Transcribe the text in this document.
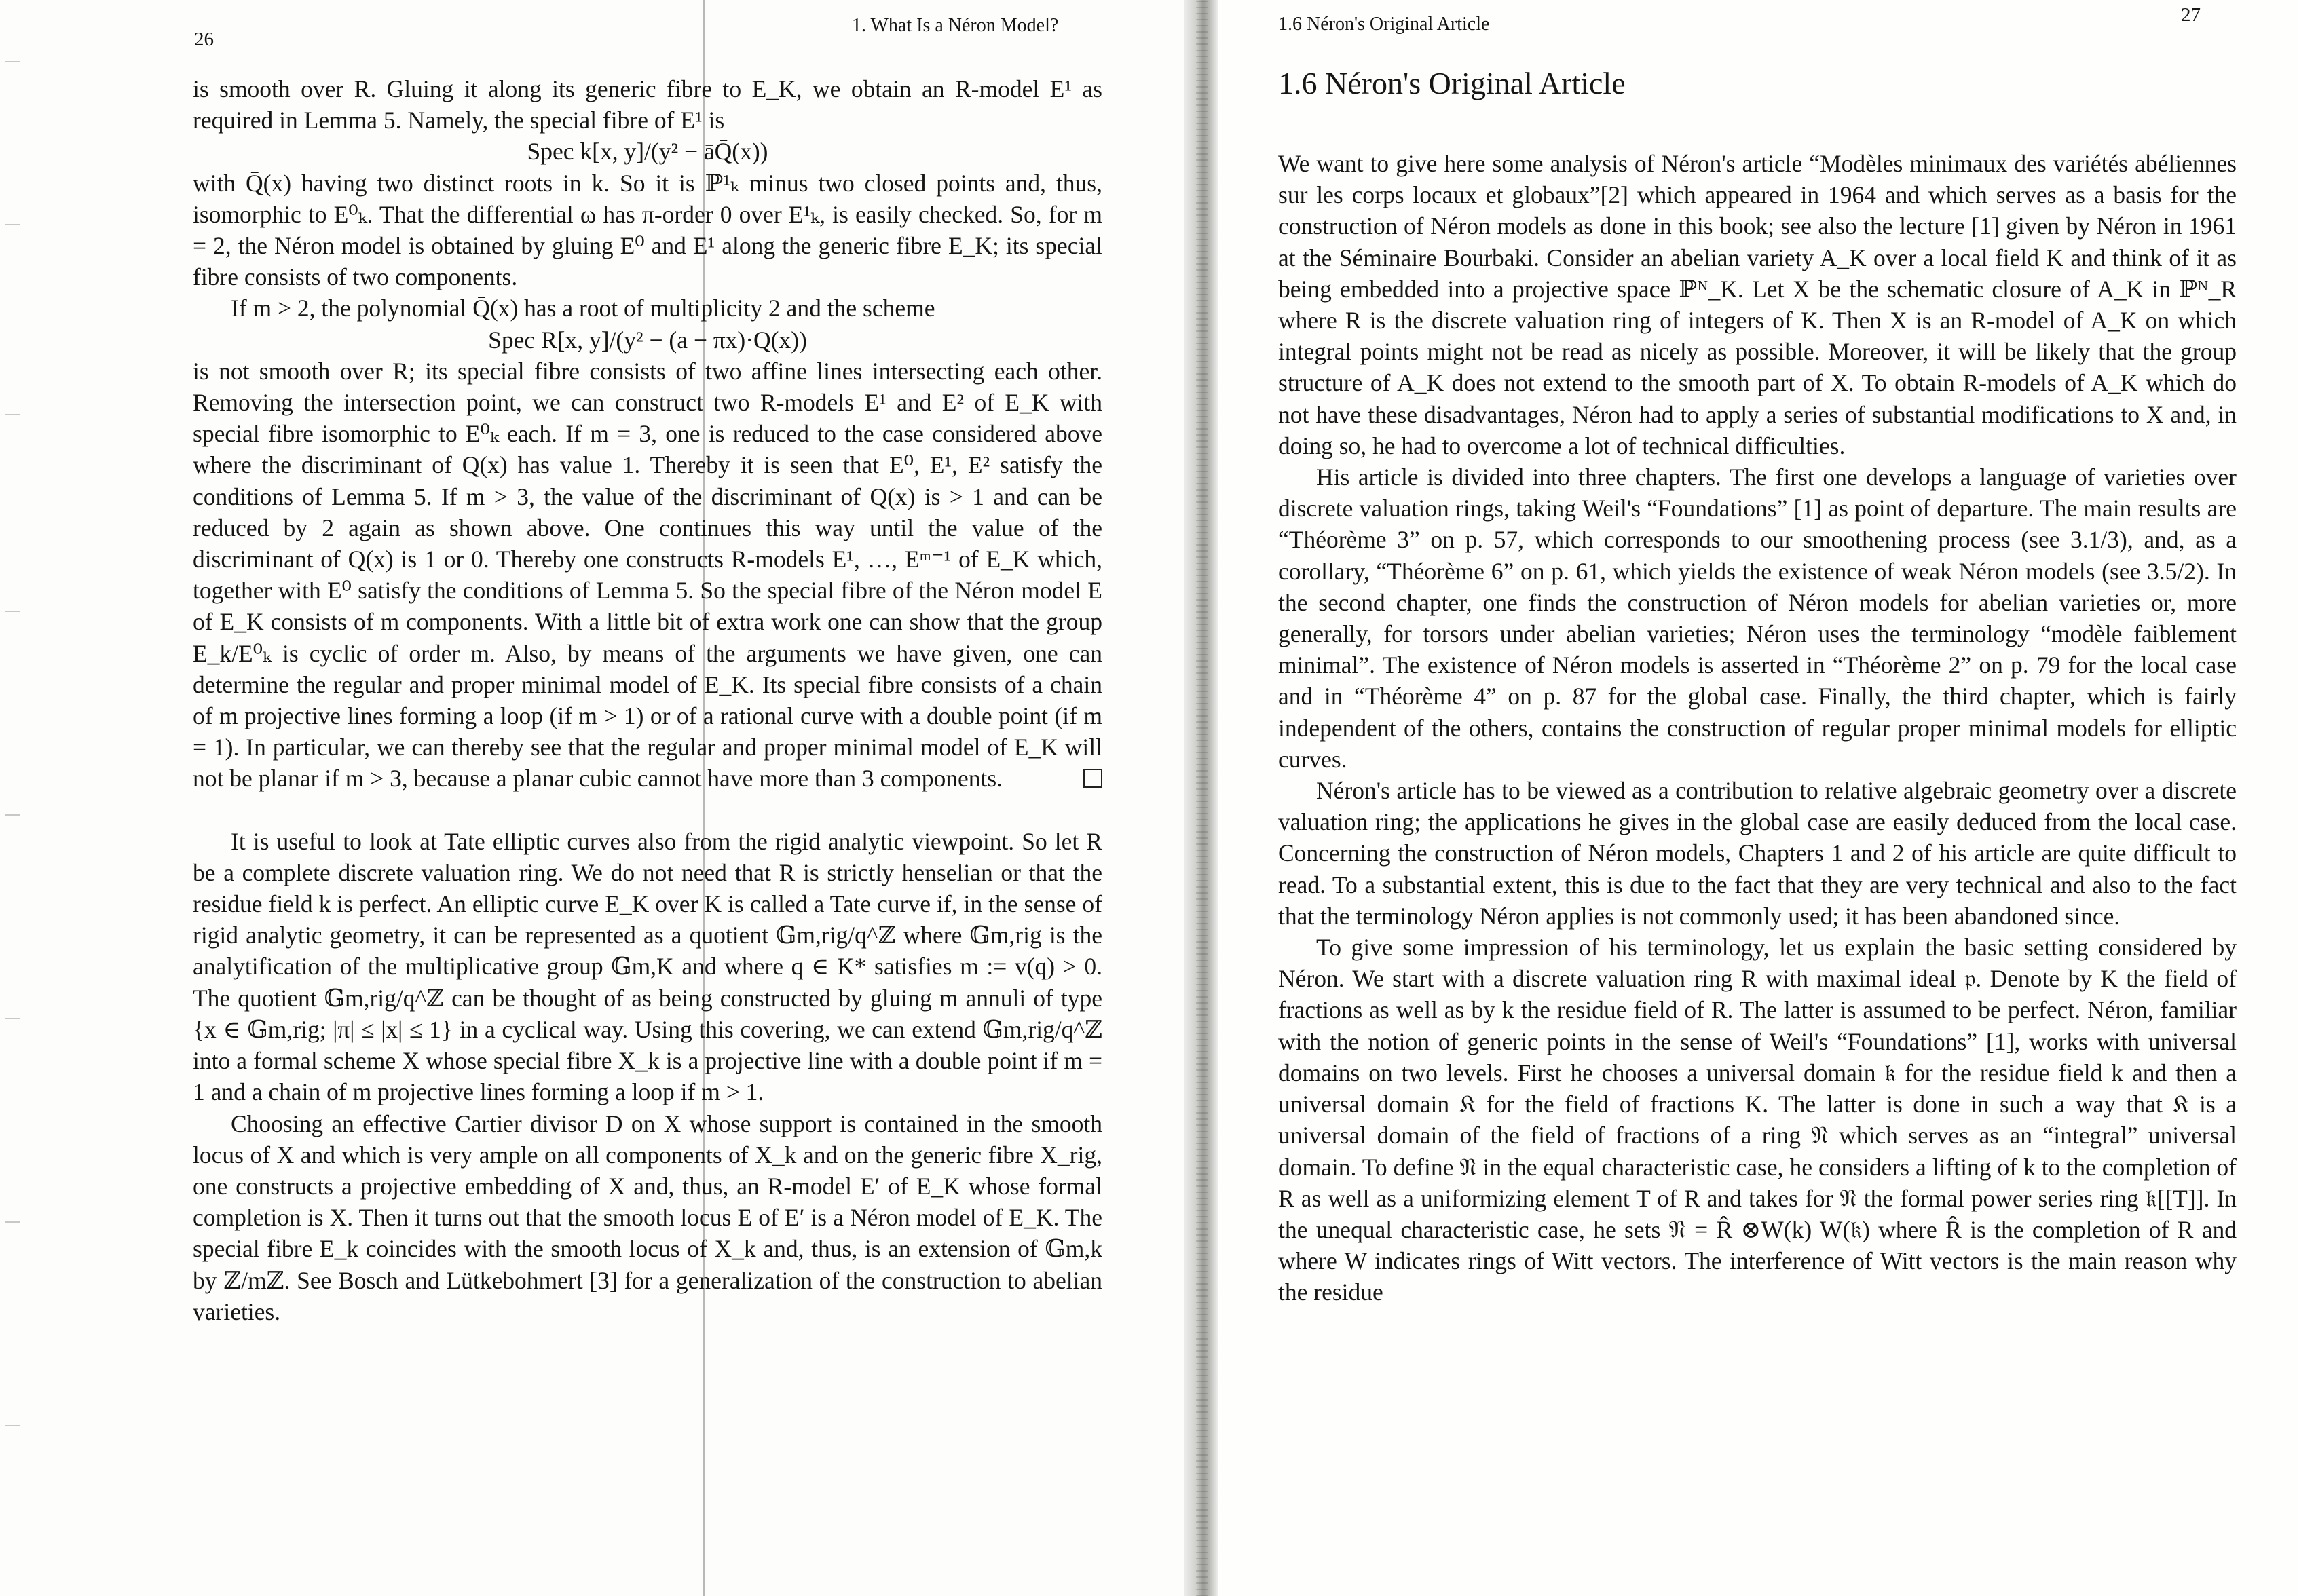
26
1. What Is a Néron Model?

is smooth over R. Gluing it along its generic fibre to E_K, we obtain an R-model E¹ as required in Lemma 5. Namely, the special fibre of E¹ is

Spec k[x, y]/(y² − āQ̄(x))

with Q̄(x) having two distinct roots in k. So it is ℙ¹ₖ minus two closed points and, thus, isomorphic to E⁰ₖ. That the differential ω has π-order 0 over E¹ₖ, is easily checked. So, for m = 2, the Néron model is obtained by gluing E⁰ and E¹ along the generic fibre E_K; its special fibre consists of two components.

If m > 2, the polynomial Q̄(x) has a root of multiplicity 2 and the scheme

Spec R[x, y]/(y² − (a − πx)·Q(x))

is not smooth over R; its special fibre consists of two affine lines intersecting each other. Removing the intersection point, we can construct two R-models E¹ and E² of E_K with special fibre isomorphic to E⁰ₖ each. If m = 3, one is reduced to the case considered above where the discriminant of Q(x) has value 1. Thereby it is seen that E⁰, E¹, E² satisfy the conditions of Lemma 5. If m > 3, the value of the discriminant of Q(x) is > 1 and can be reduced by 2 again as shown above. One continues this way until the value of the discriminant of Q(x) is 1 or 0. Thereby one constructs R-models E¹, …, Eᵐ⁻¹ of E_K which, together with E⁰ satisfy the conditions of Lemma 5. So the special fibre of the Néron model E of E_K consists of m components. With a little bit of extra work one can show that the group E_k/E⁰ₖ is cyclic of order m. Also, by means of the arguments we have given, one can determine the regular and proper minimal model of E_K. Its special fibre consists of a chain of m projective lines forming a loop (if m > 1) or of a rational curve with a double point (if m = 1). In particular, we can thereby see that the regular and proper minimal model of E_K will not be planar if m > 3, because a planar cubic cannot have more than 3 components.

It is useful to look at Tate elliptic curves also from the rigid analytic viewpoint. So let R be a complete discrete valuation ring. We do not need that R is strictly henselian or that the residue field k is perfect. An elliptic curve E_K over K is called a Tate curve if, in the sense of rigid analytic geometry, it can be represented as a quotient 𝔾m,rig/q^ℤ where 𝔾m,rig is the analytification of the multiplicative group 𝔾m,K and where q ∈ K* satisfies m := v(q) > 0. The quotient 𝔾m,rig/q^ℤ can be thought of as being constructed by gluing m annuli of type {x ∈ 𝔾m,rig; |π| ≤ |x| ≤ 1} in a cyclical way. Using this covering, we can extend 𝔾m,rig/q^ℤ into a formal scheme X whose special fibre X_k is a projective line with a double point if m = 1 and a chain of m projective lines forming a loop if m > 1.

Choosing an effective Cartier divisor D on X whose support is contained in the smooth locus of X and which is very ample on all components of X_k and on the generic fibre X_rig, one constructs a projective embedding of X and, thus, an R-model E′ of E_K whose formal completion is X. Then it turns out that the smooth locus E of E′ is a Néron model of E_K. The special fibre E_k coincides with the smooth locus of X_k and, thus, is an extension of 𝔾m,k by ℤ/mℤ. See Bosch and Lütkebohmert [3] for a generalization of the construction to abelian varieties.

1.6 Néron's Original Article	27
1.6 Néron's Original Article

We want to give here some analysis of Néron's article “Modèles minimaux des variétés abéliennes sur les corps locaux et globaux”[2] which appeared in 1964 and which serves as a basis for the construction of Néron models as done in this book; see also the lecture [1] given by Néron in 1961 at the Séminaire Bourbaki. Consider an abelian variety A_K over a local field K and think of it as being embedded into a projective space ℙᴺ_K. Let X be the schematic closure of A_K in ℙᴺ_R where R is the discrete valuation ring of integers of K. Then X is an R-model of A_K on which integral points might not be read as nicely as possible. Moreover, it will be likely that the group structure of A_K does not extend to the smooth part of X. To obtain R-models of A_K which do not have these disadvantages, Néron had to apply a series of substantial modifications to X and, in doing so, he had to overcome a lot of technical difficulties.

His article is divided into three chapters. The first one develops a language of varieties over discrete valuation rings, taking Weil's “Foundations” [1] as point of departure. The main results are “Théorème 3” on p. 57, which corresponds to our smoothening process (see 3.1/3), and, as a corollary, “Théorème 6” on p. 61, which yields the existence of weak Néron models (see 3.5/2). In the second chapter, one finds the construction of Néron models for abelian varieties or, more generally, for torsors under abelian varieties; Néron uses the terminology “modèle faiblement minimal”. The existence of Néron models is asserted in “Théorème 2” on p. 79 for the local case and in “Théorème 4” on p. 87 for the global case. Finally, the third chapter, which is fairly independent of the others, contains the construction of regular proper minimal models for elliptic curves.

Néron's article has to be viewed as a contribution to relative algebraic geometry over a discrete valuation ring; the applications he gives in the global case are easily deduced from the local case. Concerning the construction of Néron models, Chapters 1 and 2 of his article are quite difficult to read. To a substantial extent, this is due to the fact that they are very technical and also to the fact that the terminology Néron applies is not commonly used; it has been abandoned since.

To give some impression of his terminology, let us explain the basic setting considered by Néron. We start with a discrete valuation ring R with maximal ideal 𝔭. Denote by K the field of fractions as well as by k the residue field of R. The latter is assumed to be perfect. Néron, familiar with the notion of generic points in the sense of Weil's “Foundations” [1], works with universal domains on two levels. First he chooses a universal domain 𝔨 for the residue field k and then a universal domain 𝔎 for the field of fractions K. The latter is done in such a way that 𝔎 is a universal domain of the field of fractions of a ring 𝔑 which serves as an “integral” universal domain. To define 𝔑 in the equal characteristic case, he considers a lifting of k to the completion of R as well as a uniformizing element T of R and takes for 𝔑 the formal power series ring 𝔨[[T]]. In the unequal characteristic case, he sets 𝔑 = R̂ ⊗W(k) W(𝔨) where R̂ is the completion of R and where W indicates rings of Witt vectors. The interference of Witt vectors is the main reason why the residue
